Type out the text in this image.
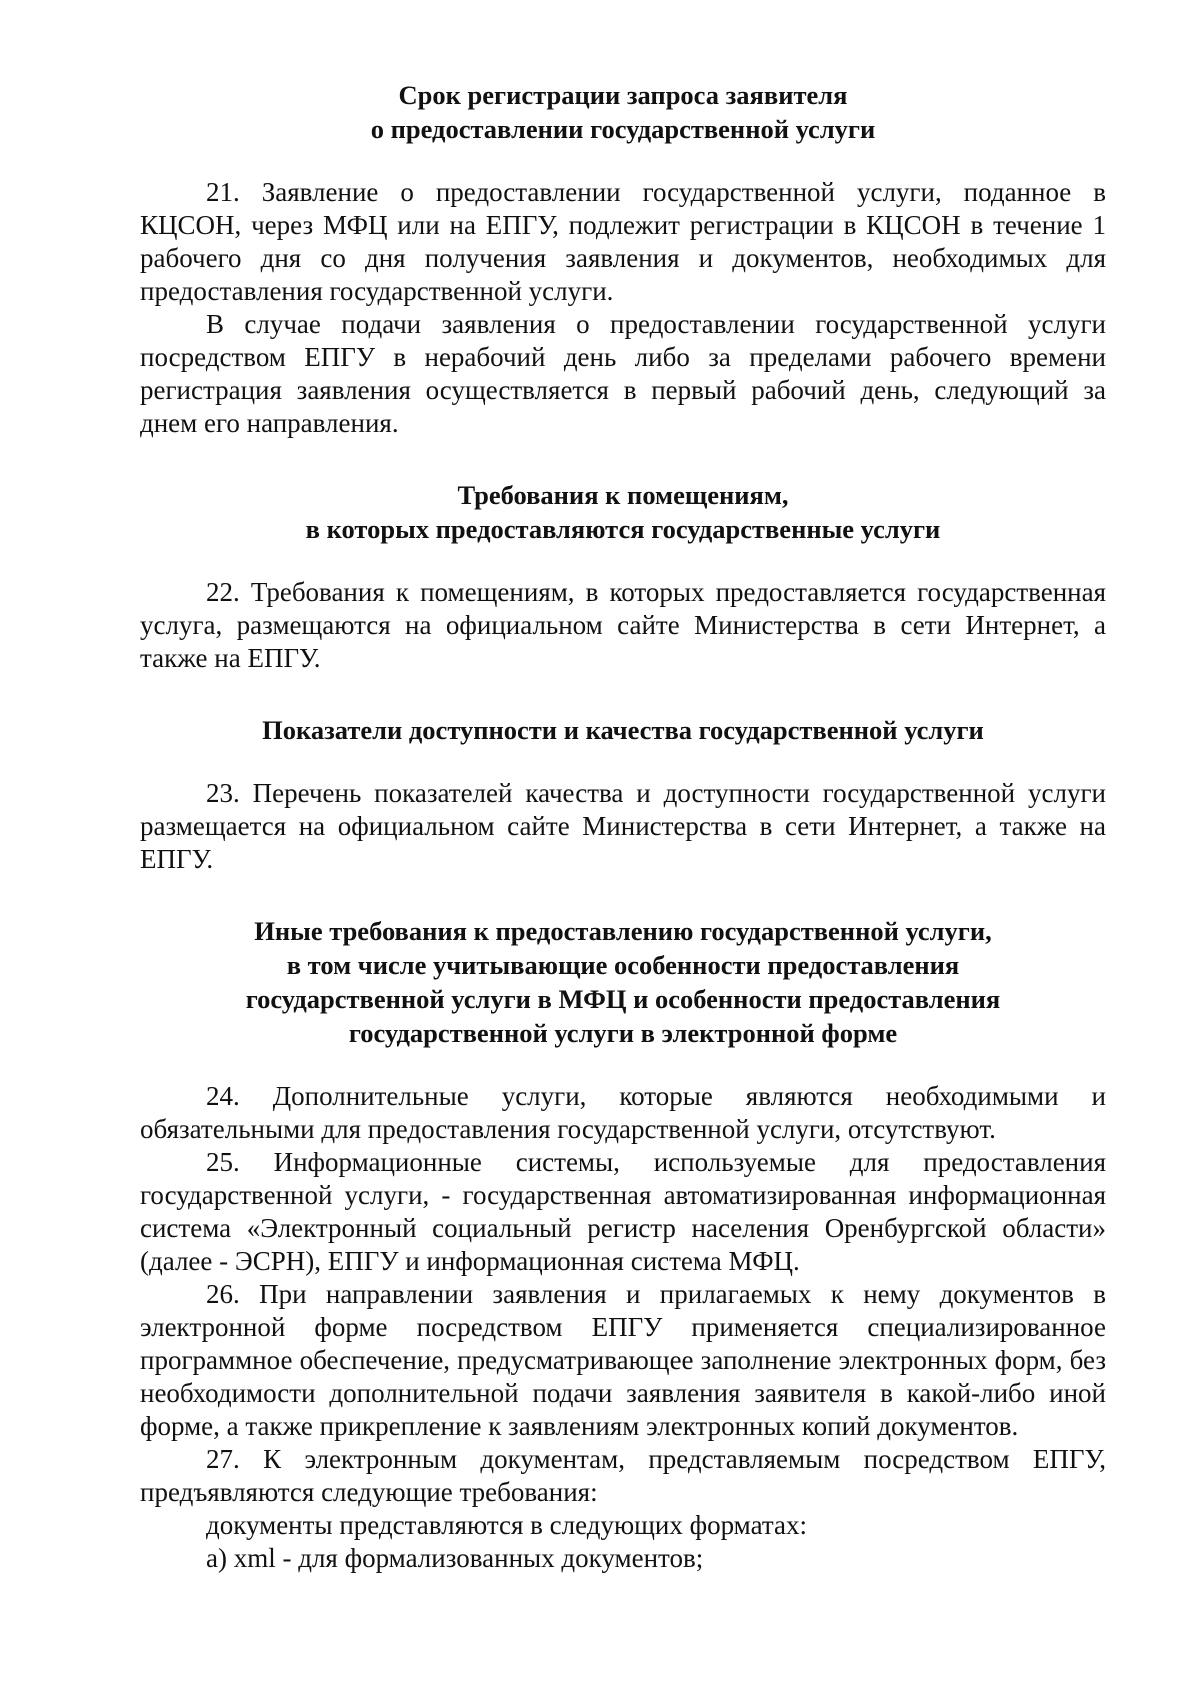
Срок регистрации запроса заявителя
о предоставлении государственной услуги

21. Заявление о предоставлении государственной услуги, поданное в КЦСОН, через МФЦ или на ЕПГУ, подлежит регистрации в КЦСОН в течение 1 рабочего дня со дня получения заявления и документов, необходимых для предоставления государственной услуги.

В случае подачи заявления о предоставлении государственной услуги посредством ЕПГУ в нерабочий день либо за пределами рабочего времени регистрация заявления осуществляется в первый рабочий день, следующий за днем его направления.

Требования к помещениям,
в которых предоставляются государственные услуги

22. Требования к помещениям, в которых предоставляется государственная услуга, размещаются на официальном сайте Министерства в сети Интернет, а также на ЕПГУ.

Показатели доступности и качества государственной услуги

23. Перечень показателей качества и доступности государственной услуги размещается на официальном сайте Министерства в сети Интернет, а также на ЕПГУ.

Иные требования к предоставлению государственной услуги,
в том числе учитывающие особенности предоставления
государственной услуги в МФЦ и особенности предоставления
государственной услуги в электронной форме

24. Дополнительные услуги, которые являются необходимыми и обязательными для предоставления государственной услуги, отсутствуют.

25. Информационные системы, используемые для предоставления государственной услуги, - государственная автоматизированная информационная система «Электронный социальный регистр населения Оренбургской области» (далее - ЭСРН), ЕПГУ и информационная система МФЦ.

26. При направлении заявления и прилагаемых к нему документов в электронной форме посредством ЕПГУ применяется специализированное программное обеспечение, предусматривающее заполнение электронных форм, без необходимости дополнительной подачи заявления заявителя в какой-либо иной форме, а также прикрепление к заявлениям электронных копий документов.

27. К электронным документам, представляемым посредством ЕПГУ, предъявляются следующие требования:

документы представляются в следующих форматах:

а) xml - для формализованных документов;
